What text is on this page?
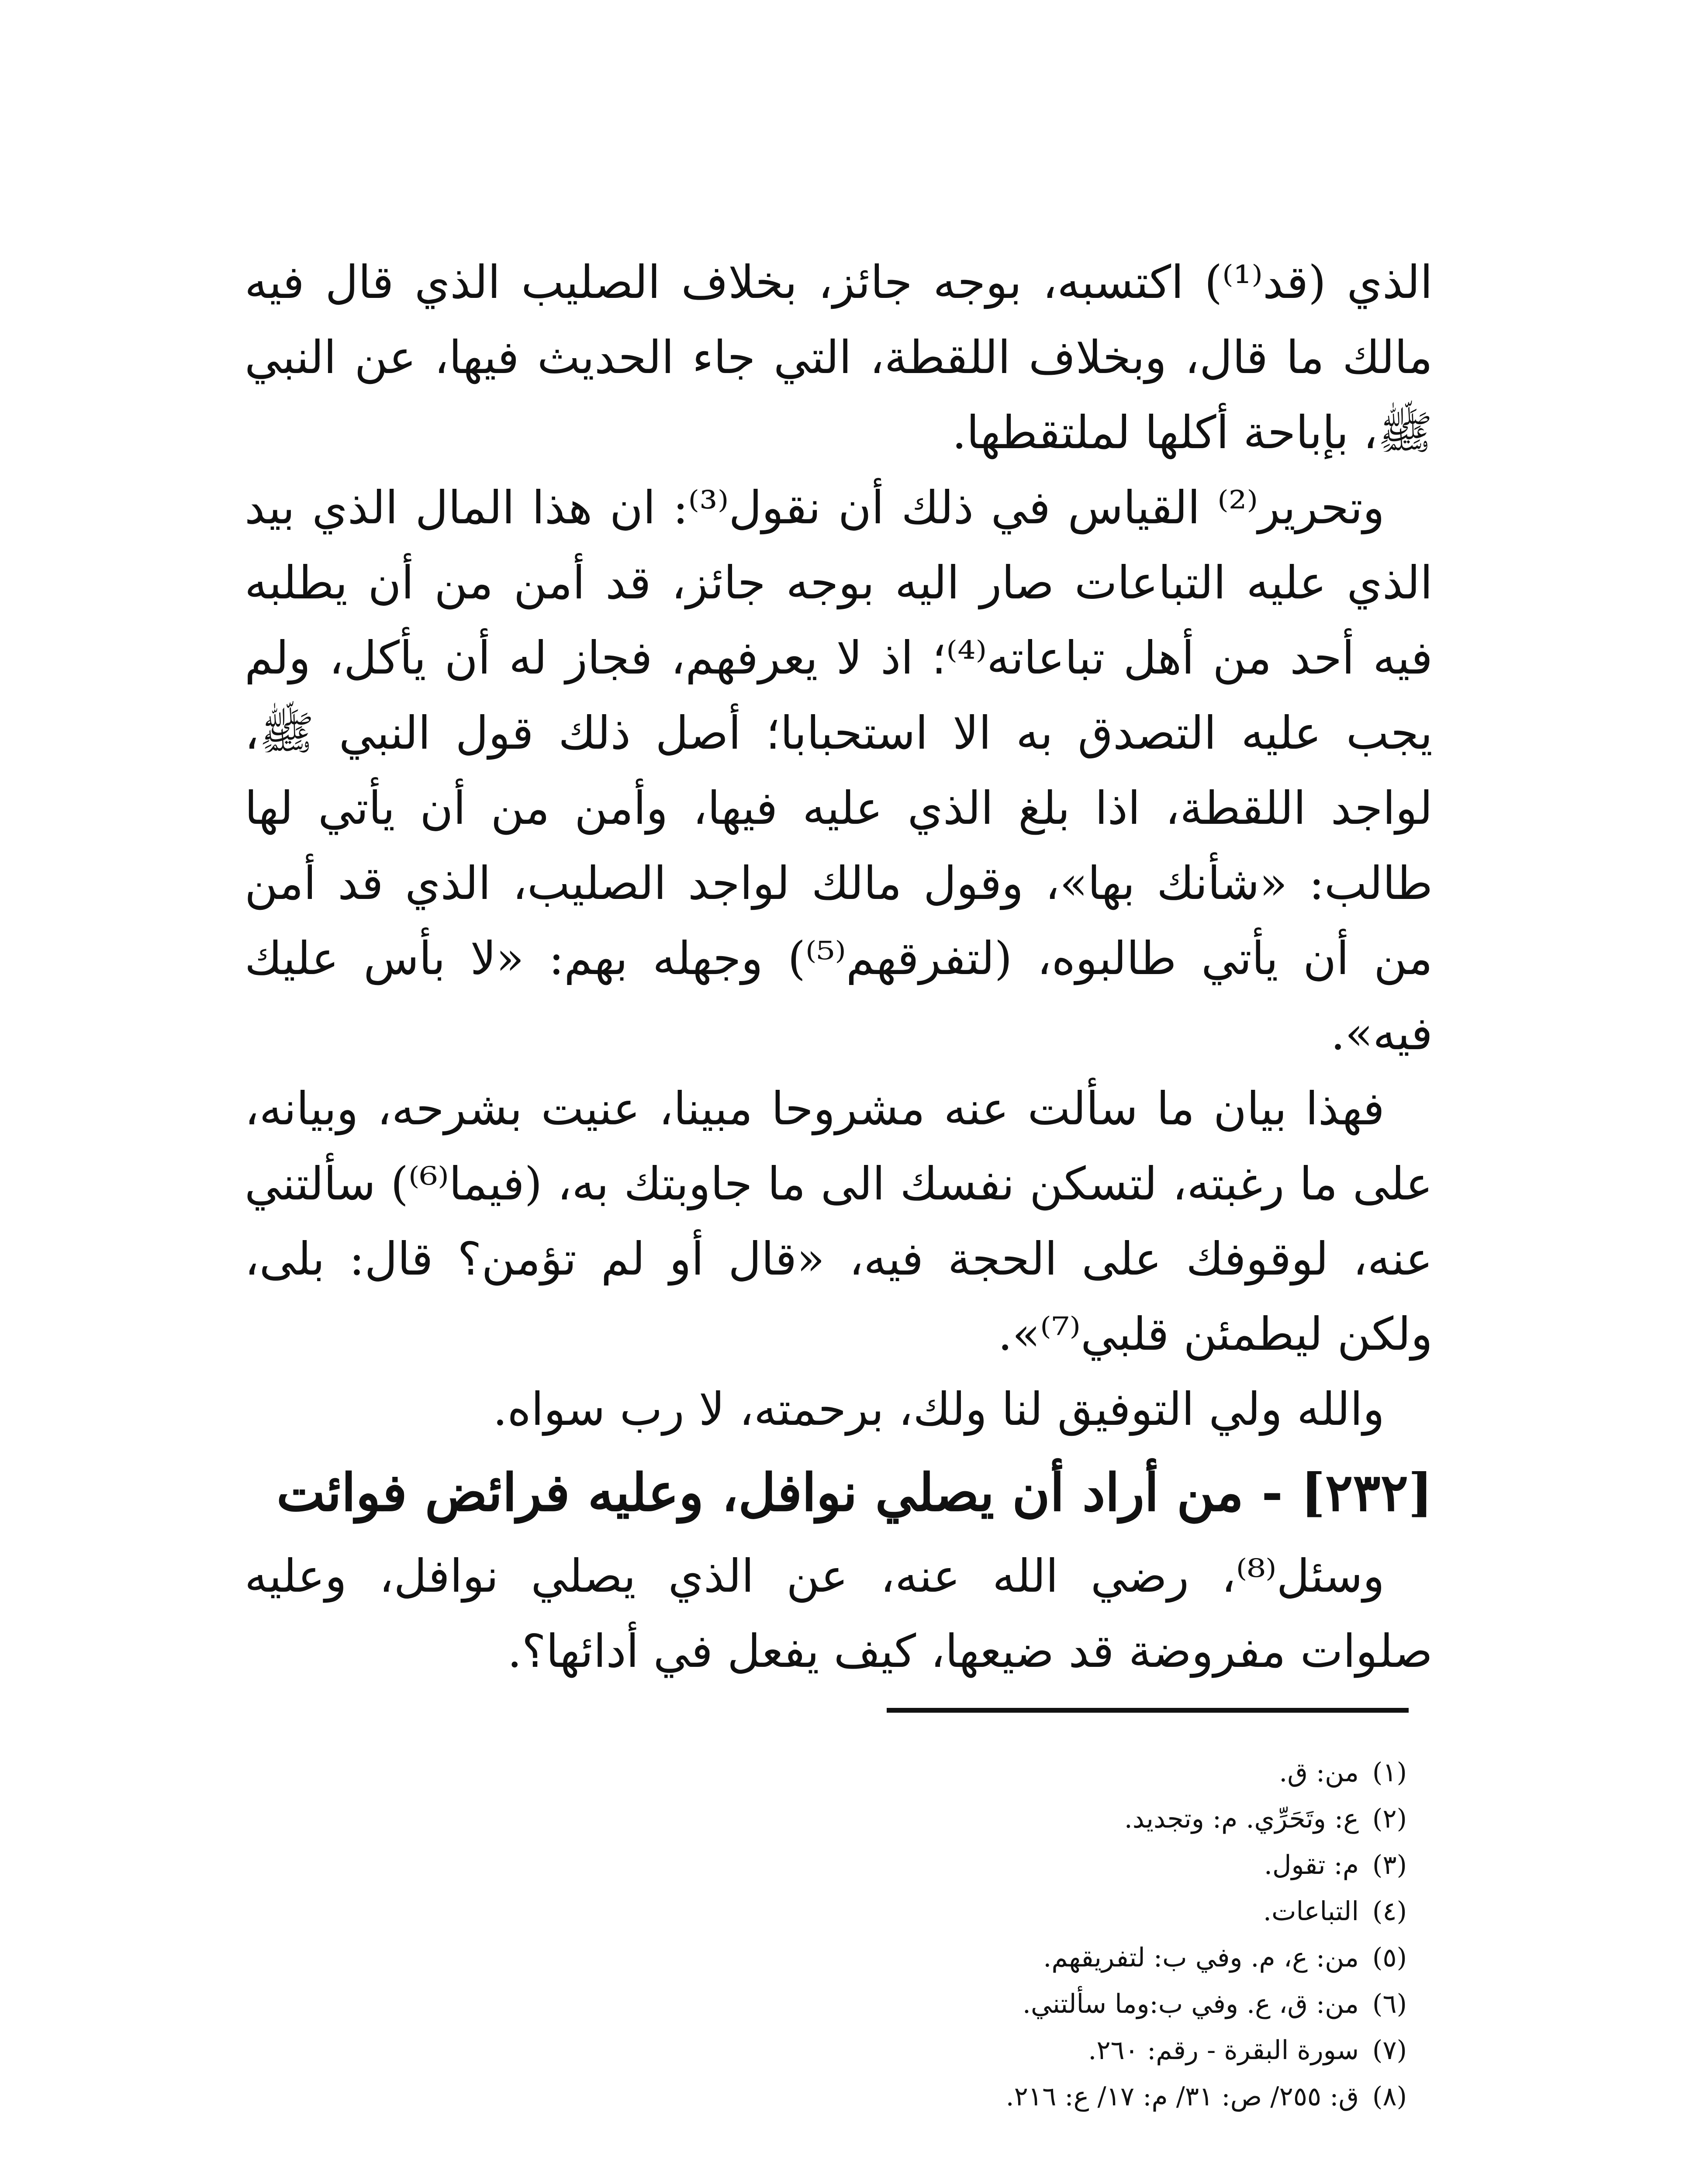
الذي (قد⁽¹⁾) اكتسبه، بوجه جائز، بخلاف الصليب الذي قال فيه مالك ما قال، وبخلاف اللقطة، التي جاء الحديث فيها، عن النبي ﷺ، بإباحة أكلها لملتقطها.

وتحرير⁽²⁾ القياس في ذلك أن نقول⁽³⁾: ان هذا المال الذي بيد الذي عليه التباعات صار اليه بوجه جائز، قد أمن من أن يطلبه فيه أحد من أهل تباعاته⁽⁴⁾؛ اذ لا يعرفهم، فجاز له أن يأكل، ولم يجب عليه التصدق به الا استحبابا؛ أصل ذلك قول النبي ﷺ، لواجد اللقطة، اذا بلغ الذي عليه فيها، وأمن من أن يأتي لها طالب: «شأنك بها»، وقول مالك لواجد الصليب، الذي قد أمن من أن يأتي طالبوه، (لتفرقهم⁽⁵⁾) وجهله بهم: «لا بأس عليك فيه».

فهذا بيان ما سألت عنه مشروحا مبينا، عنيت بشرحه، وبيانه، على ما رغبته، لتسكن نفسك الى ما جاوبتك به، (فيما⁽⁶⁾) سألتني عنه، لوقوفك على الحجة فيه، «قال أو لم تؤمن؟ قال: بلى، ولكن ليطمئن قلبي⁽⁷⁾».

والله ولي التوفيق لنا ولك، برحمته، لا رب سواه.

[٢٣٢] - من أراد أن يصلي نوافل، وعليه فرائض فوائت

وسئل⁽⁸⁾، رضي الله عنه، عن الذي يصلي نوافل، وعليه صلوات مفروضة قد ضيعها، كيف يفعل في أدائها؟.

(١)
من: ق.
(٢)
ع: وتَحَرِّي. م: وتجديد.
(٣)
م: تقول.
(٤)
التباعات.
(٥)
من: ع، م. وفي ب: لتفريقهم.
(٦)
من: ق، ع. وفي ب:وما سألتني.
(٧)
سورة البقرة - رقم: ٢٦٠.
(٨)
ق: ٢٥٥/ ص: ٣١/ م: ١٧/ ع: ٢١٦.
